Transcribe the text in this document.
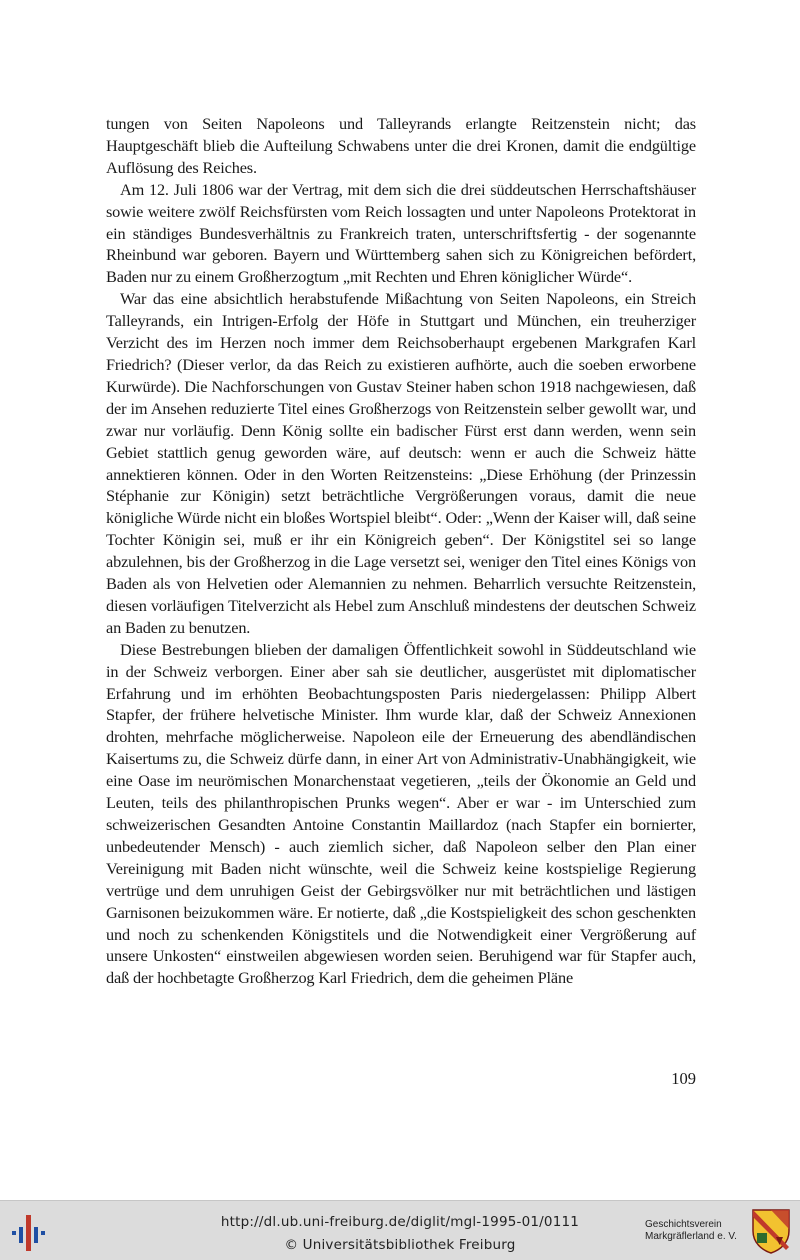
tungen von Seiten Napoleons und Talleyrands erlangte Reitzenstein nicht; das Hauptgeschäft blieb die Aufteilung Schwabens unter die drei Kronen, damit die endgültige Auflösung des Reiches.

Am 12. Juli 1806 war der Vertrag, mit dem sich die drei süddeutschen Herrschaftshäuser sowie weitere zwölf Reichsfürsten vom Reich lossagten und unter Napoleons Protektorat in ein ständiges Bundesverhältnis zu Frankreich traten, unterschriftsfertig - der sogenannte Rheinbund war geboren. Bayern und Württemberg sahen sich zu Königreichen befördert, Baden nur zu einem Großherzogtum „mit Rechten und Ehren königlicher Würde“.

War das eine absichtlich herabstufende Mißachtung von Seiten Napoleons, ein Streich Talleyrands, ein Intrigen-Erfolg der Höfe in Stuttgart und München, ein treuherziger Verzicht des im Herzen noch immer dem Reichsoberhaupt ergebenen Markgrafen Karl Friedrich? (Dieser verlor, da das Reich zu existieren aufhörte, auch die soeben erworbene Kurwürde). Die Nachforschungen von Gustav Steiner haben schon 1918 nachgewiesen, daß der im Ansehen reduzierte Titel eines Großherzogs von Reitzenstein selber gewollt war, und zwar nur vorläufig. Denn König sollte ein badischer Fürst erst dann werden, wenn sein Gebiet stattlich genug geworden wäre, auf deutsch: wenn er auch die Schweiz hätte annektieren können. Oder in den Worten Reitzensteins: „Diese Erhöhung (der Prinzessin Stéphanie zur Königin) setzt beträchtliche Vergrößerungen voraus, damit die neue königliche Würde nicht ein bloßes Wortspiel bleibt“. Oder: „Wenn der Kaiser will, daß seine Tochter Königin sei, muß er ihr ein Königreich geben“. Der Königstitel sei so lange abzulehnen, bis der Großherzog in die Lage versetzt sei, weniger den Titel eines Königs von Baden als von Helvetien oder Alemannien zu nehmen. Beharrlich versuchte Reitzenstein, diesen vorläufigen Titelverzicht als Hebel zum Anschluß mindestens der deutschen Schweiz an Baden zu benutzen.

Diese Bestrebungen blieben der damaligen Öffentlichkeit sowohl in Süddeutschland wie in der Schweiz verborgen. Einer aber sah sie deutlicher, ausgerüstet mit diplomatischer Erfahrung und im erhöhten Beobachtungsposten Paris niedergelassen: Philipp Albert Stapfer, der frühere helvetische Minister. Ihm wurde klar, daß der Schweiz Annexionen drohten, mehrfache möglicherweise. Napoleon eile der Erneuerung des abendländischen Kaisertums zu, die Schweiz dürfe dann, in einer Art von Administrativ-Unabhängigkeit, wie eine Oase im neurömischen Monarchenstaat vegetieren, „teils der Ökonomie an Geld und Leuten, teils des philanthropischen Prunks wegen“. Aber er war - im Unterschied zum schweizerischen Gesandten Antoine Constantin Maillardoz (nach Stapfer ein bornierter, unbedeutender Mensch) - auch ziemlich sicher, daß Napoleon selber den Plan einer Vereinigung mit Baden nicht wünschte, weil die Schweiz keine kostspielige Regierung vertrüge und dem unruhigen Geist der Gebirgsvölker nur mit beträchtlichen und lästigen Garnisonen beizukommen wäre. Er notierte, daß „die Kostspieligkeit des schon geschenkten und noch zu schenkenden Königstitels und die Notwendigkeit einer Vergrößerung auf unsere Unkosten“ einstweilen abgewiesen worden seien. Beruhigend war für Stapfer auch, daß der hochbetagte Großherzog Karl Friedrich, dem die geheimen Pläne

109
http://dl.ub.uni-freiburg.de/diglit/mgl-1995-01/0111
© Universitätsbibliothek Freiburg
Geschichtsverein
Markgräflerland e. V.
